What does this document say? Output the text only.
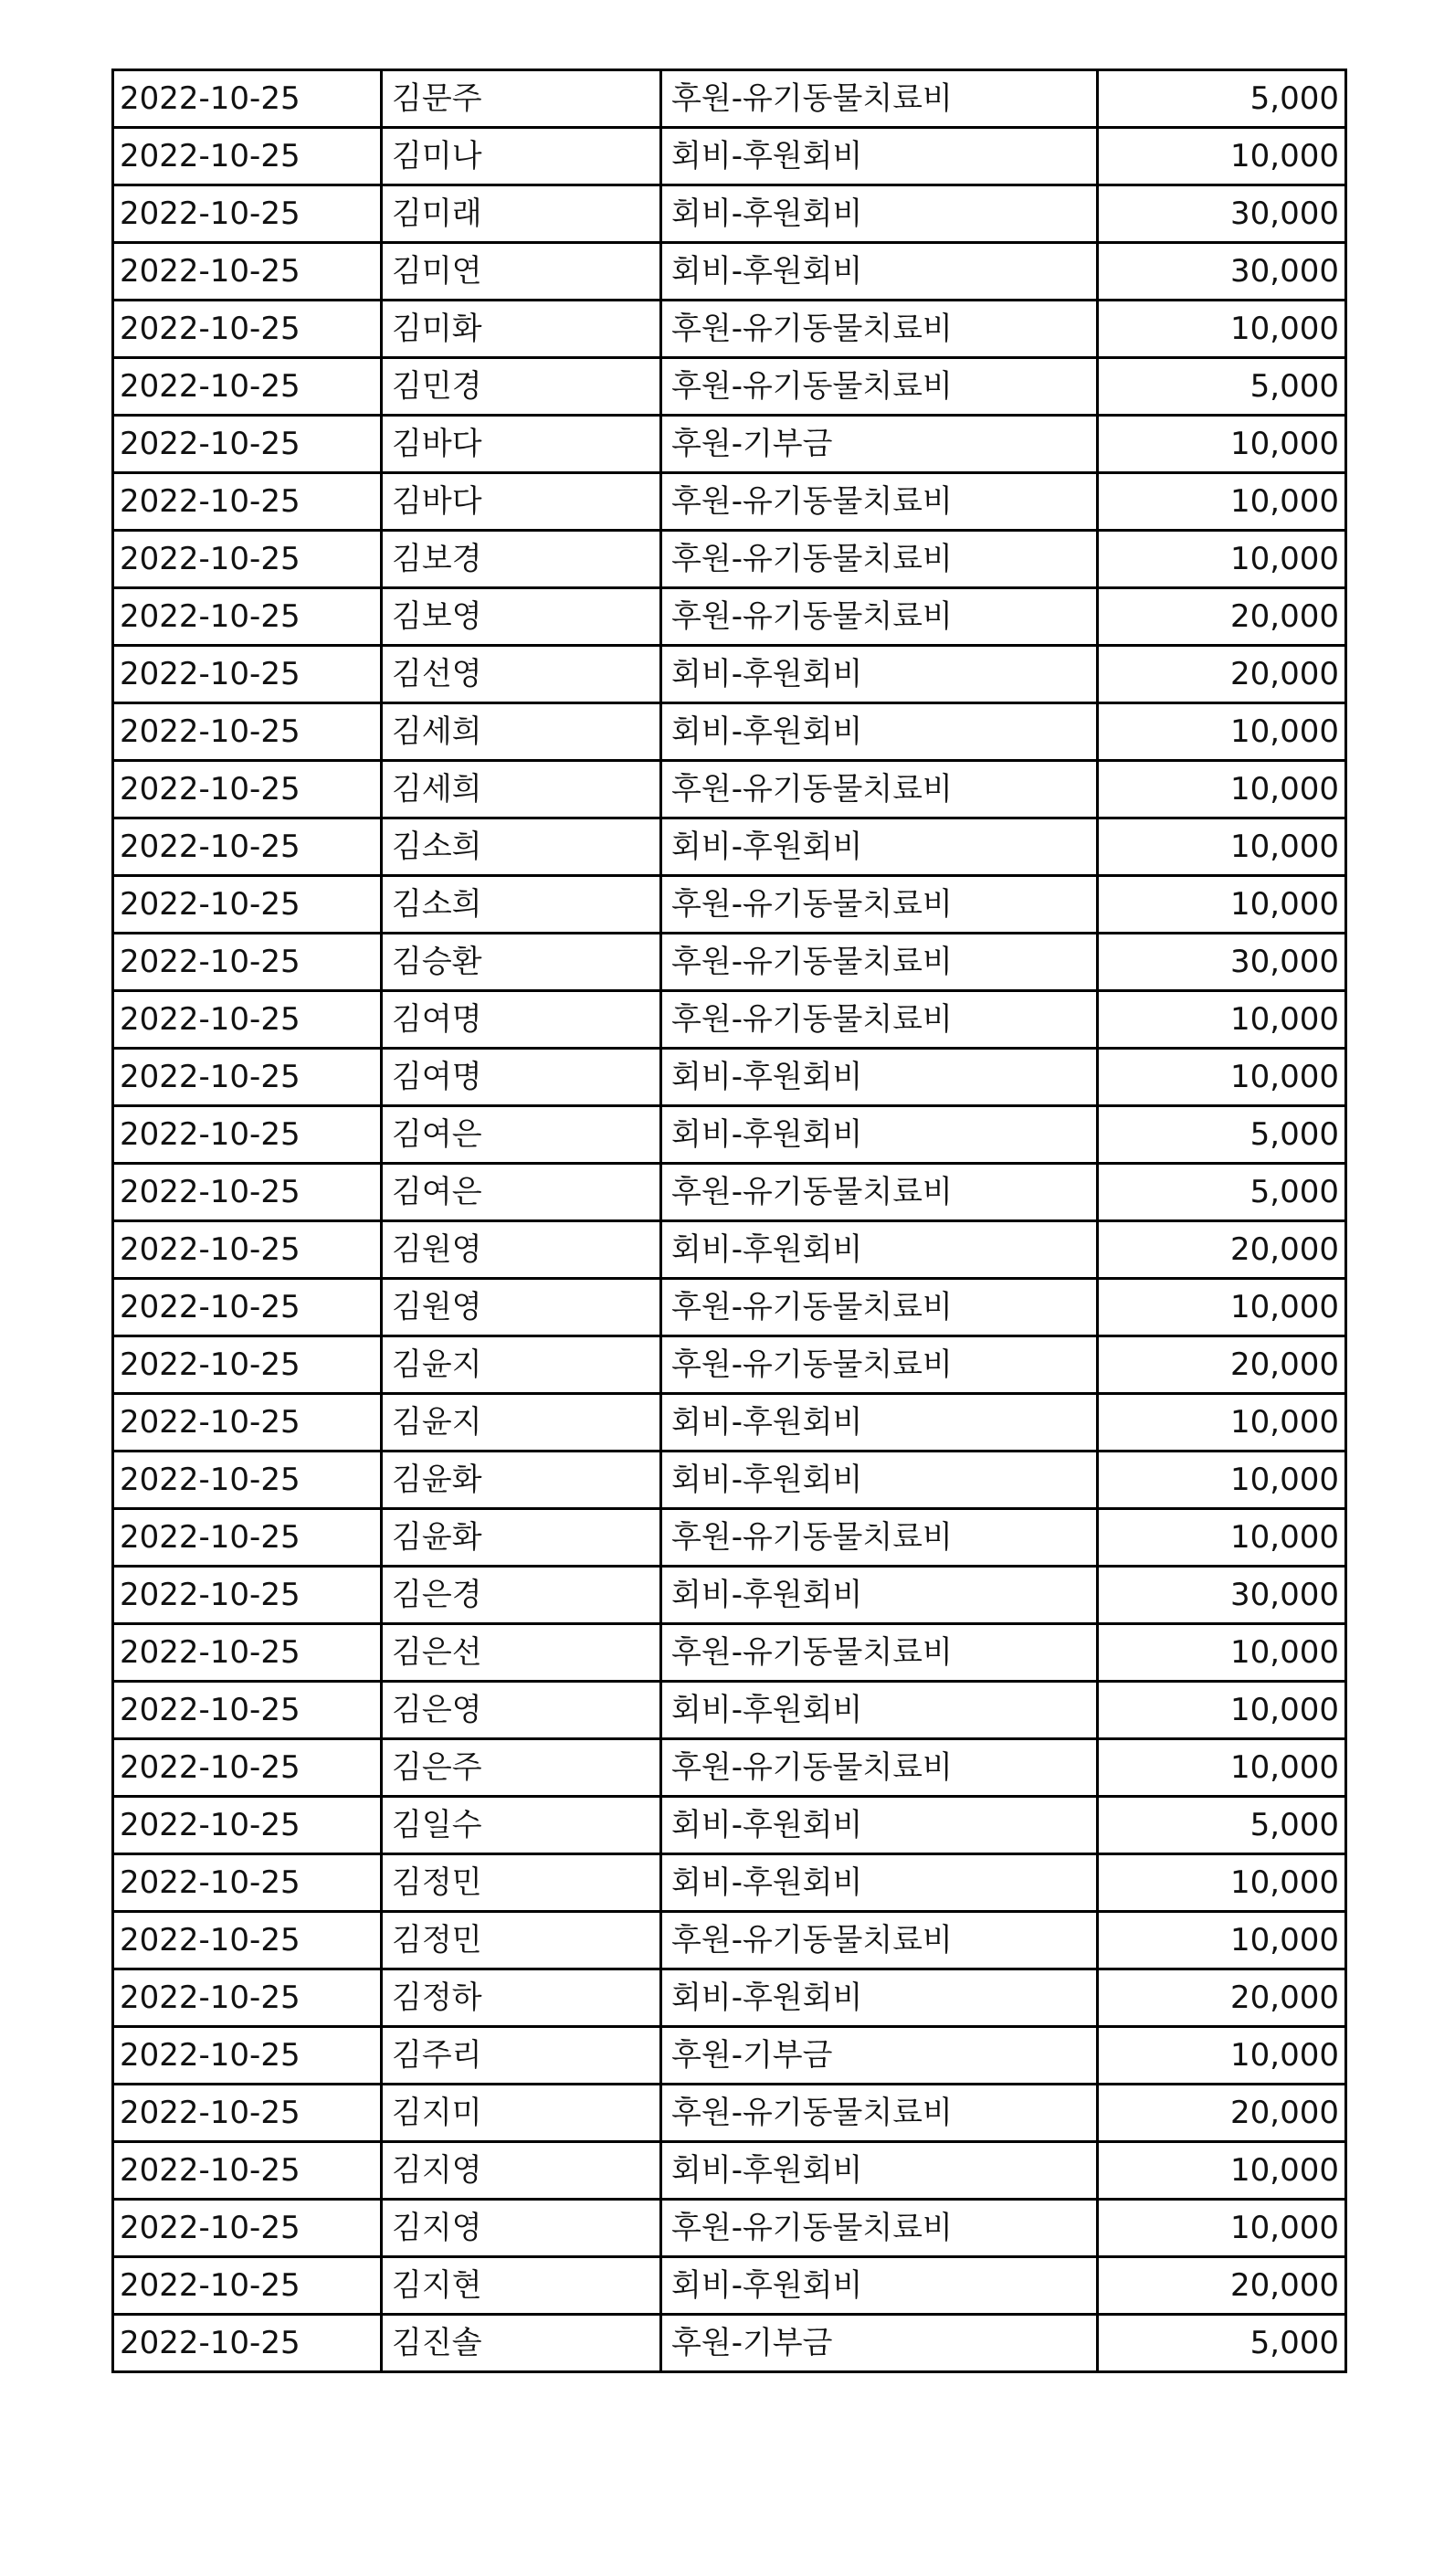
2022-10-25	김문주	후원-유기동물치료비	5,000
2022-10-25	김미나	회비-후원회비	10,000
2022-10-25	김미래	회비-후원회비	30,000
2022-10-25	김미연	회비-후원회비	30,000
2022-10-25	김미화	후원-유기동물치료비	10,000
2022-10-25	김민경	후원-유기동물치료비	5,000
2022-10-25	김바다	후원-기부금	10,000
2022-10-25	김바다	후원-유기동물치료비	10,000
2022-10-25	김보경	후원-유기동물치료비	10,000
2022-10-25	김보영	후원-유기동물치료비	20,000
2022-10-25	김선영	회비-후원회비	20,000
2022-10-25	김세희	회비-후원회비	10,000
2022-10-25	김세희	후원-유기동물치료비	10,000
2022-10-25	김소희	회비-후원회비	10,000
2022-10-25	김소희	후원-유기동물치료비	10,000
2022-10-25	김승환	후원-유기동물치료비	30,000
2022-10-25	김여명	후원-유기동물치료비	10,000
2022-10-25	김여명	회비-후원회비	10,000
2022-10-25	김여은	회비-후원회비	5,000
2022-10-25	김여은	후원-유기동물치료비	5,000
2022-10-25	김원영	회비-후원회비	20,000
2022-10-25	김원영	후원-유기동물치료비	10,000
2022-10-25	김윤지	후원-유기동물치료비	20,000
2022-10-25	김윤지	회비-후원회비	10,000
2022-10-25	김윤화	회비-후원회비	10,000
2022-10-25	김윤화	후원-유기동물치료비	10,000
2022-10-25	김은경	회비-후원회비	30,000
2022-10-25	김은선	후원-유기동물치료비	10,000
2022-10-25	김은영	회비-후원회비	10,000
2022-10-25	김은주	후원-유기동물치료비	10,000
2022-10-25	김일수	회비-후원회비	5,000
2022-10-25	김정민	회비-후원회비	10,000
2022-10-25	김정민	후원-유기동물치료비	10,000
2022-10-25	김정하	회비-후원회비	20,000
2022-10-25	김주리	후원-기부금	10,000
2022-10-25	김지미	후원-유기동물치료비	20,000
2022-10-25	김지영	회비-후원회비	10,000
2022-10-25	김지영	후원-유기동물치료비	10,000
2022-10-25	김지현	회비-후원회비	20,000
2022-10-25	김진솔	후원-기부금	5,000
